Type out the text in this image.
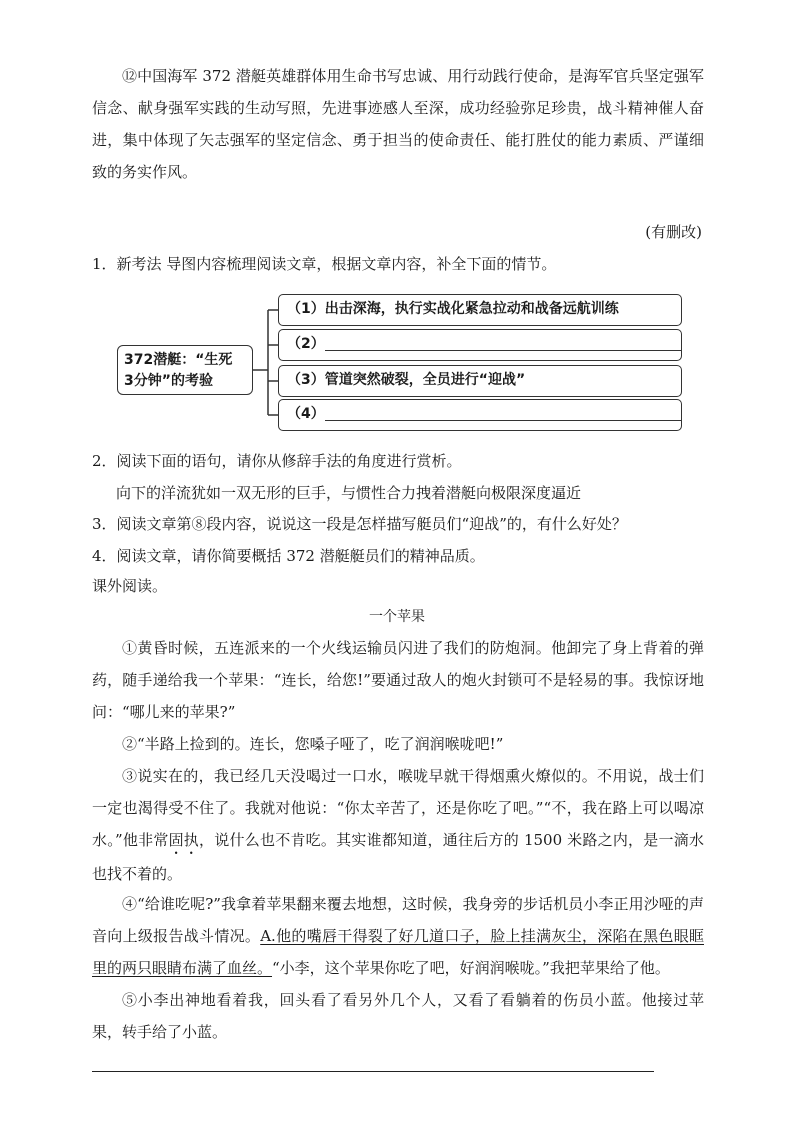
⑫中国海军 372 潜艇英雄群体用生命书写忠诚、用行动践行使命，是海军官兵坚定强军信念、献身强军实践的生动写照，先进事迹感人至深，成功经验弥足珍贵，战斗精神催人奋进，集中体现了矢志强军的坚定信念、勇于担当的使命责任、能打胜仗的能力素质、严谨细致的务实作风。

(有删改)
1．新考法 导图内容梳理阅读文章，根据文章内容，补全下面的情节。
372潜艇：“生死
3分钟”的考验
（1）出击深海，执行实战化紧急拉动和战备远航训练
（2）
（3）管道突然破裂，全员进行“迎战”
（4）
2．阅读下面的语句，请你从修辞手法的角度进行赏析。
向下的洋流犹如一双无形的巨手，与惯性合力拽着潜艇向极限深度逼近
3．阅读文章第⑧段内容，说说这一段是怎样描写艇员们“迎战”的，有什么好处？
4．阅读文章，请你简要概括 372 潜艇艇员们的精神品质。
课外阅读。
一个苹果

①黄昏时候，五连派来的一个火线运输员闪进了我们的防炮洞。他卸完了身上背着的弹药，随手递给我一个苹果：“连长，给您!”要通过敌人的炮火封锁可不是轻易的事。我惊讶地问：“哪儿来的苹果?”

②“半路上捡到的。连长，您嗓子哑了，吃了润润喉咙吧!”

③说实在的，我已经几天没喝过一口水，喉咙早就干得烟熏火燎似的。不用说，战士们一定也渴得受不住了。我就对他说：“你太辛苦了，还是你吃了吧。”“不，我在路上可以喝凉水。”他非常固执，说什么也不肯吃。其实谁都知道，通往后方的 1500 米路之内，是一滴水也找不着的。

④“给谁吃呢?”我拿着苹果翻来覆去地想，这时候，我身旁的步话机员小李正用沙哑的声音向上级报告战斗情况。A.他的嘴唇干得裂了好几道口子，脸上挂满灰尘，深陷在黑色眼眶里的两只眼睛布满了血丝。“小李，这个苹果你吃了吧，好润润喉咙。”我把苹果给了他。

⑤小李出神地看着我，回头看了看另外几个人，又看了看躺着的伤员小蓝。他接过苹果，转手给了小蓝。
